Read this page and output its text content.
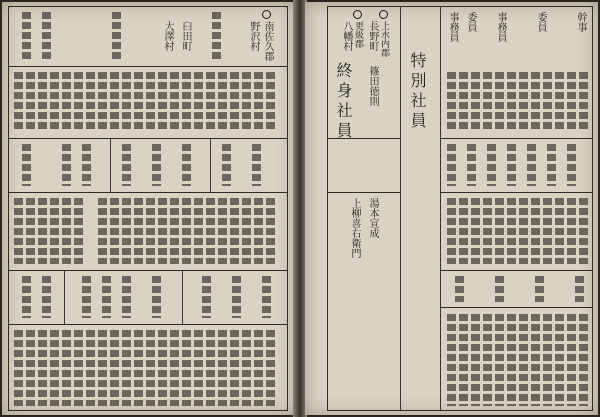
南佐久郡
野沢村
臼田町
大澤村
終身社員	特別社員
上水内郡
長野町
更級郡
八幡村
篠田徳則
湯本宣成
上柳喜右衛門
幹事
委員
事務員
委員
事務員
